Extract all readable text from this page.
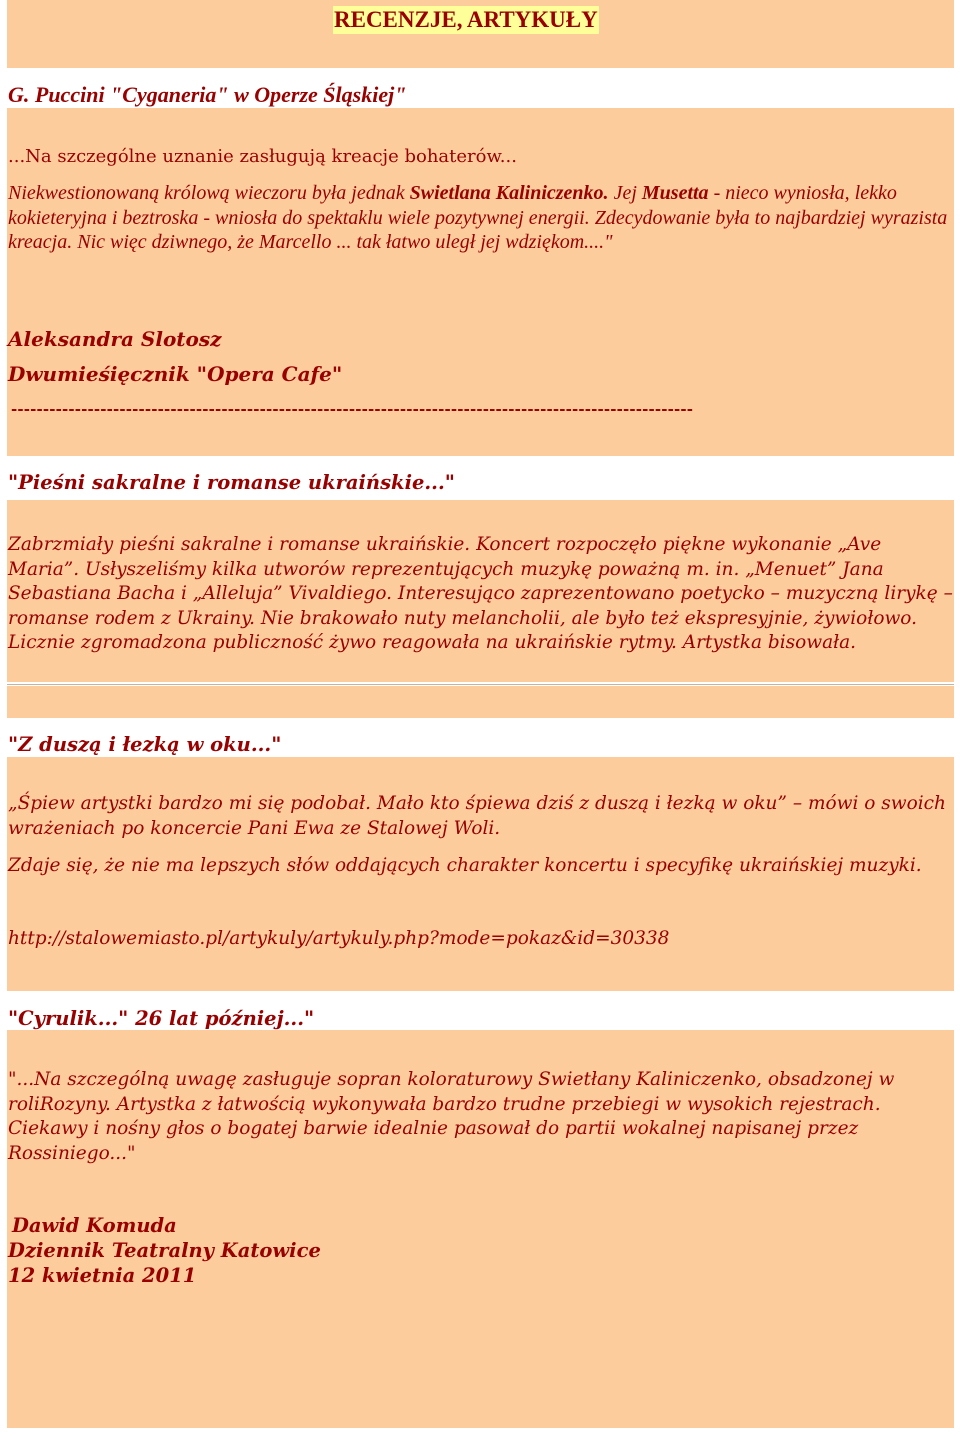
RECENZJE, ARTYKUŁY
G. Puccini "Cyganeria" w Operze Śląskiej"
...Na szczególne uznanie zasługują kreacje bohaterów...
Niekwestionowaną królową wieczoru była jednak Swietlana Kaliniczenko. Jej Musetta - nieco wyniosła, lekko kokieteryjna i beztroska - wniosła do spektaklu wiele pozytywnej energii. Zdecydowanie była to najbardziej wyrazista kreacja. Nic więc dziwnego, że Marcello ... tak łatwo uległ jej wdziękom...."
Aleksandra Slotosz
Dwumieśięcznik "Opera Cafe"
-----------------------------------------------------------------------------------------------------------
"Pieśni sakralne i romanse ukraińskie..."
Zabrzmiały pieśni sakralne i romanse ukraińskie. Koncert rozpoczęło piękne wykonanie „Ave Maria”. Usłyszeliśmy kilka utworów reprezentujących muzykę poważną m. in. „Menuet” Jana Sebastiana Bacha i „Alleluja” Vivaldiego. Interesująco zaprezentowano poetycko – muzyczną lirykę – romanse rodem z Ukrainy. Nie brakowało nuty melancholii, ale było też ekspresyjnie, żywiołowo. Licznie zgromadzona publiczność żywo reagowała na ukraińskie rytmy. Artystka bisowała.
"Z duszą i łezką w oku..."
„Śpiew artystki bardzo mi się podobał. Mało kto śpiewa dziś z duszą i łezką w oku” – mówi o swoich wrażeniach po koncercie Pani Ewa ze Stalowej Woli.
Zdaje się, że nie ma lepszych słów oddających charakter koncertu i specyfikę ukraińskiej muzyki.
http://stalowemiasto.pl/artykuly/artykuly.php?mode=pokaz&id=30338
"Cyrulik..." 26 lat później..."
"...Na szczególną uwagę zasługuje sopran koloraturowy Swietłany Kaliniczenko, obsadzonej w roliRozyny. Artystka z łatwością wykonywała bardzo trudne przebiegi w wysokich rejestrach. Ciekawy i nośny głos o bogatej barwie idealnie pasował do partii wokalnej napisanej przez Rossiniego..."
Dawid Komuda
Dziennik Teatralny Katowice
12 kwietnia 2011
